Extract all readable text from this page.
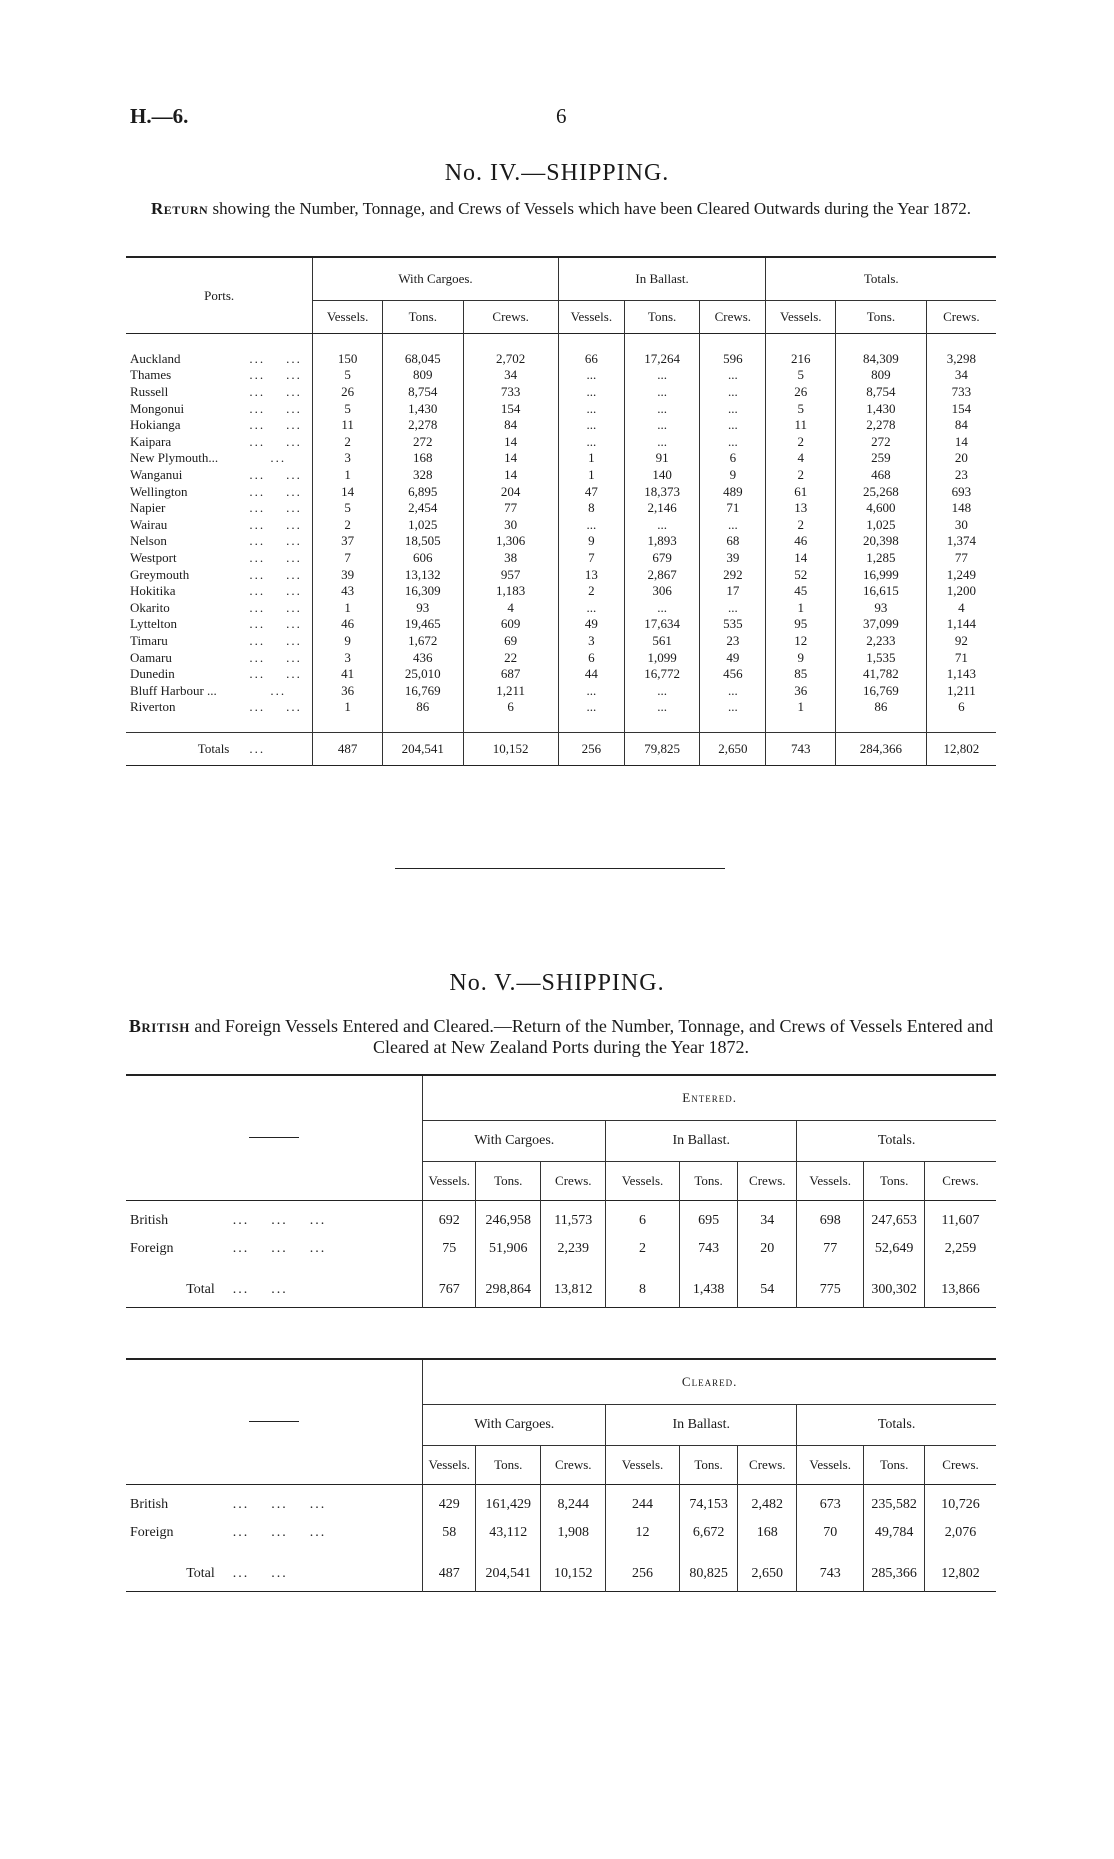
H.—6.	6
No. IV.—SHIPPING.
Return showing the Number, Tonnage, and Crews of Vessels which have been Cleared Outwards during the Year 1872.
Ports.		With Cargoes.			In Ballast.			Totals.		
		Vessels.	Tons.	Crews.	Vessels.	Tons.	Crews.	Vessels.	Tons.	Crews.

Auckland	...    ...	150	68,045	2,702	66	17,264	596	216	84,309	3,298
Thames	...    ...	5	809	34	...	...	...	5	809	34
Russell	...    ...	26	8,754	733	...	...	...	26	8,754	733
Mongonui	...    ...	5	1,430	154	...	...	...	5	1,430	154
Hokianga	...    ...	11	2,278	84	...	...	...	11	2,278	84
Kaipara	...    ...	2	272	14	...	...	...	2	272	14
New Plymouth...	...	3	168	14	1	91	6	4	259	20
Wanganui	...    ...	1	328	14	1	140	9	2	468	23
Wellington	...    ...	14	6,895	204	47	18,373	489	61	25,268	693
Napier	...    ...	5	2,454	77	8	2,146	71	13	4,600	148
Wairau	...    ...	2	1,025	30	...	...	...	2	1,025	30
Nelson	...    ...	37	18,505	1,306	9	1,893	68	46	20,398	1,374
Westport	...    ...	7	606	38	7	679	39	14	1,285	77
Greymouth	...    ...	39	13,132	957	13	2,867	292	52	16,999	1,249
Hokitika	...    ...	43	16,309	1,183	2	306	17	45	16,615	1,200
Okarito	...    ...	1	93	4	...	...	...	1	93	4
Lyttelton	...    ...	46	19,465	609	49	17,634	535	95	37,099	1,144
Timaru	...    ...	9	1,672	69	3	561	23	12	2,233	92
Oamaru	...    ...	3	436	22	6	1,099	49	9	1,535	71
Dunedin	...    ...	41	25,010	687	44	16,772	456	85	41,782	1,143
Bluff Harbour ...	...	36	16,769	1,211	...	...	...	36	16,769	1,211
Riverton	...    ...	1	86	6	...	...	...	1	86	6

Totals	...	487	204,541	10,152	256	79,825	2,650	743	284,366	12,802
No. V.—SHIPPING.
British and Foreign Vessels Entered and Cleared.—Return of the Number, Tonnage, and Crews of Vessels Entered and Cleared at New Zealand Ports during the Year 1872.
		Entered.								
		With Cargoes.			In Ballast.			Totals.		
		Vessels.	Tons.	Crews.	Vessels.	Tons.	Crews.	Vessels.	Tons.	Crews.

British	...    ...    ...	692	246,958	11,573	6	695	34	698	247,653	11,607
Foreign	...    ...    ...	75	51,906	2,239	2	743	20	77	52,649	2,259

Total	...    ...	767	298,864	13,812	8	1,438	54	775	300,302	13,866
		Cleared.								
		With Cargoes.			In Ballast.			Totals.		
		Vessels.	Tons.	Crews.	Vessels.	Tons.	Crews.	Vessels.	Tons.	Crews.

British	...    ...    ...	429	161,429	8,244	244	74,153	2,482	673	235,582	10,726
Foreign	...    ...    ...	58	43,112	1,908	12	6,672	168	70	49,784	2,076

Total	...    ...	487	204,541	10,152	256	80,825	2,650	743	285,366	12,802
